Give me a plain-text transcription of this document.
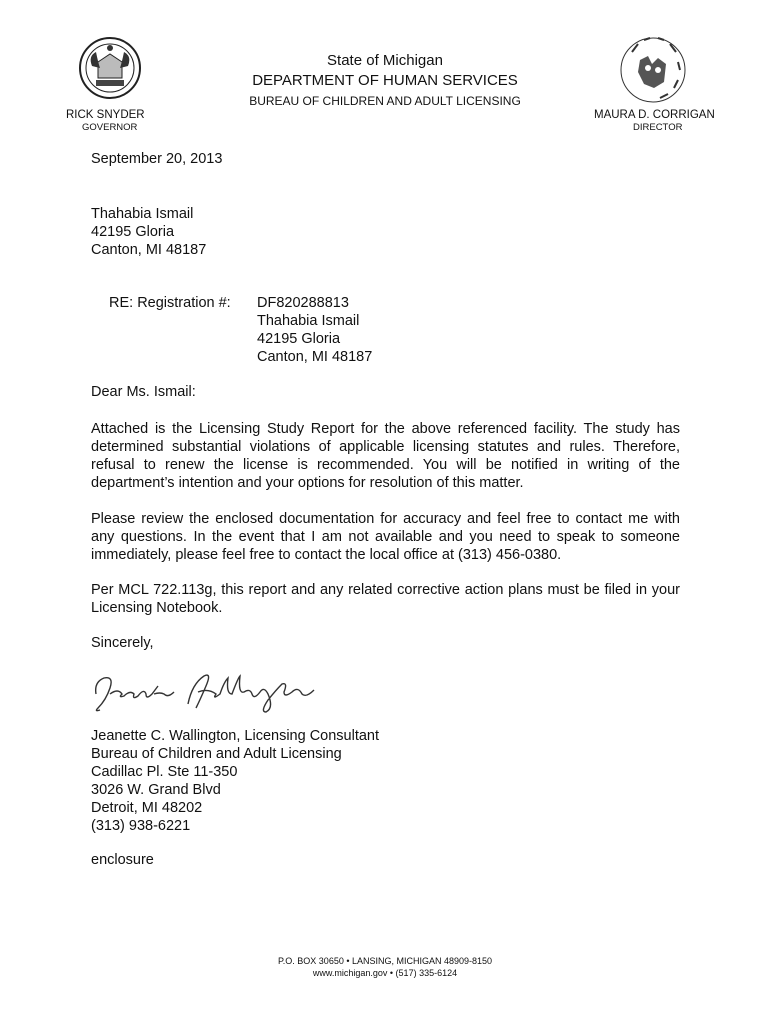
State of Michigan
DEPARTMENT OF HUMAN SERVICES
BUREAU OF CHILDREN AND ADULT LICENSING
RICK SNYDER
GOVERNOR
MAURA D. CORRIGAN
DIRECTOR
September 20, 2013
Thahabia Ismail
42195 Gloria
Canton, MI 48187
RE: Registration #: DF820288813
Thahabia Ismail
42195 Gloria
Canton, MI 48187
Dear Ms. Ismail:
Attached is the Licensing Study Report for the above referenced facility. The study has determined substantial violations of applicable licensing statutes and rules. Therefore, refusal to renew the license is recommended. You will be notified in writing of the department’s intention and your options for resolution of this matter.
Please review the enclosed documentation for accuracy and feel free to contact me with any questions. In the event that I am not available and you need to speak to someone immediately, please feel free to contact the local office at (313) 456-0380.
Per MCL 722.113g, this report and any related corrective action plans must be filed in your Licensing Notebook.
Sincerely,
Jeanette C. Wallington, Licensing Consultant
Bureau of Children and Adult Licensing
Cadillac Pl. Ste 11-350
3026 W. Grand Blvd
Detroit, MI 48202
(313) 938-6221
enclosure
P.O. BOX 30650 • LANSING, MICHIGAN 48909-8150
www.michigan.gov • (517) 335-6124
